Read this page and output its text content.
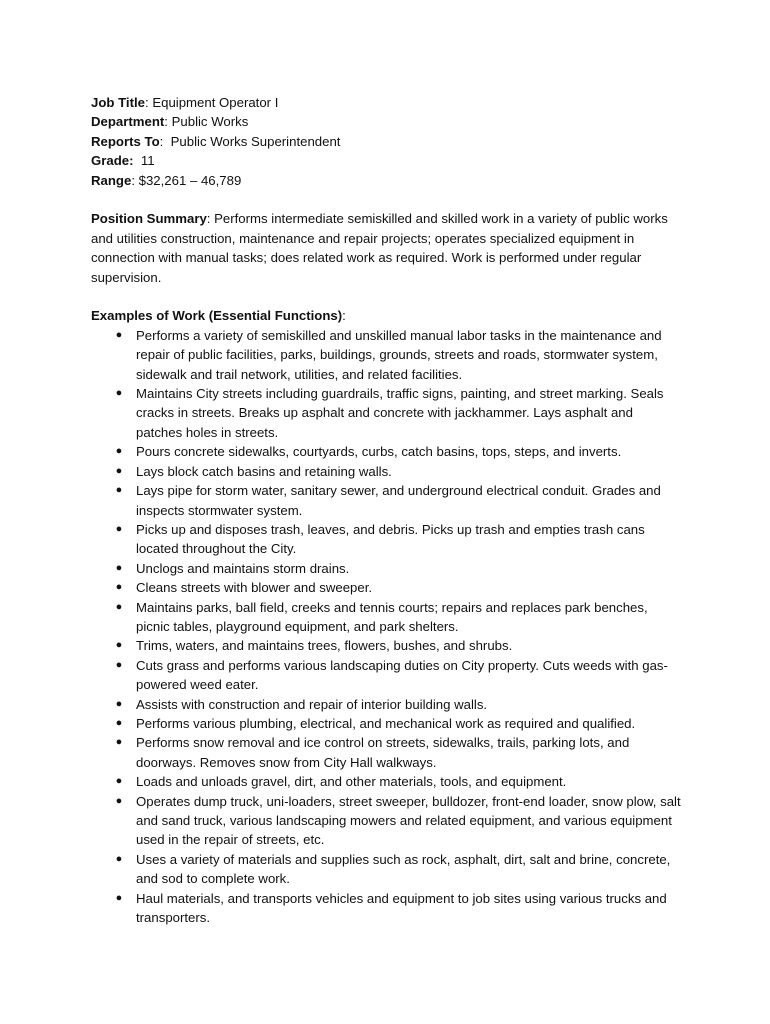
Job Title: Equipment Operator I

Department: Public Works

Reports To:  Public Works Superintendent

Grade: 11

Range: $32,261 – 46,789

Position Summary: Performs intermediate semiskilled and skilled work in a variety of public works and utilities construction, maintenance and repair projects; operates specialized equipment in connection with manual tasks; does related work as required. Work is performed under regular supervision.

Examples of Work (Essential Functions):

● Performs a variety of semiskilled and unskilled manual labor tasks in the maintenance and repair of public facilities, parks, buildings, grounds, streets and roads, stormwater system, sidewalk and trail network, utilities, and related facilities.
● Maintains City streets including guardrails, traffic signs, painting, and street marking. Seals cracks in streets. Breaks up asphalt and concrete with jackhammer. Lays asphalt and patches holes in streets.
● Pours concrete sidewalks, courtyards, curbs, catch basins, tops, steps, and inverts.
● Lays block catch basins and retaining walls.
● Lays pipe for storm water, sanitary sewer, and underground electrical conduit. Grades and inspects stormwater system.
● Picks up and disposes trash, leaves, and debris. Picks up trash and empties trash cans located throughout the City.
● Unclogs and maintains storm drains.
● Cleans streets with blower and sweeper.
● Maintains parks, ball field, creeks and tennis courts; repairs and replaces park benches, picnic tables, playground equipment, and park shelters.
● Trims, waters, and maintains trees, flowers, bushes, and shrubs.
● Cuts grass and performs various landscaping duties on City property. Cuts weeds with gas-powered weed eater.
● Assists with construction and repair of interior building walls.
● Performs various plumbing, electrical, and mechanical work as required and qualified.
● Performs snow removal and ice control on streets, sidewalks, trails, parking lots, and doorways. Removes snow from City Hall walkways.
● Loads and unloads gravel, dirt, and other materials, tools, and equipment.
● Operates dump truck, uni-loaders, street sweeper, bulldozer, front-end loader, snow plow, salt and sand truck, various landscaping mowers and related equipment, and various equipment used in the repair of streets, etc.
● Uses a variety of materials and supplies such as rock, asphalt, dirt, salt and brine, concrete, and sod to complete work.
● Haul materials, and transports vehicles and equipment to job sites using various trucks and transporters.
